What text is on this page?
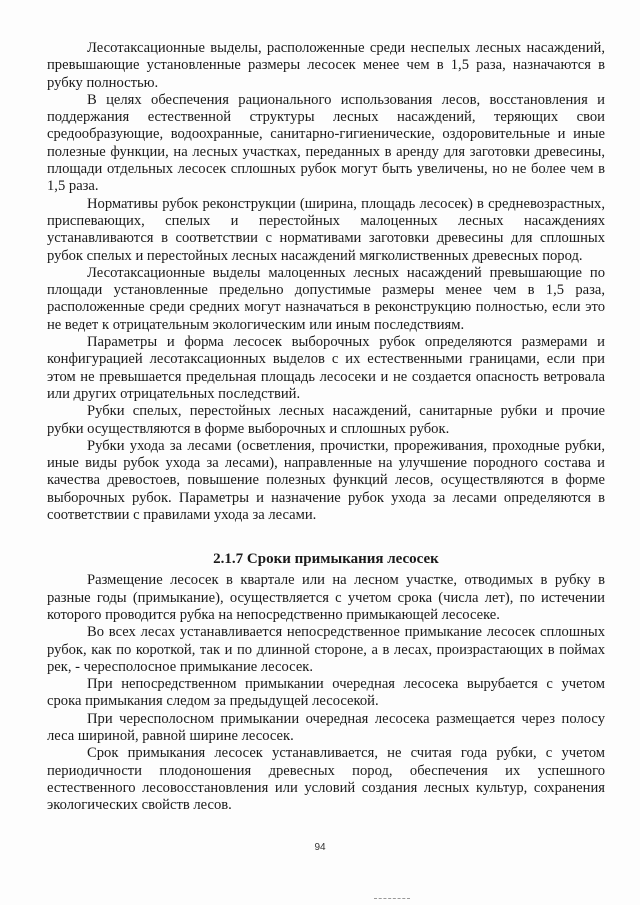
Лесотаксационные выделы, расположенные среди неспелых лесных насаждений, превышающие установленные размеры лесосек менее чем в 1,5 раза, назначаются в рубку полностью.

В целях обеспечения рационального использования лесов, восстановления и поддержания естественной структуры лесных насаждений, теряющих свои средообразующие, водоохранные, санитарно-гигиенические, оздоровительные и иные полезные функции, на лесных участках, переданных в аренду для заготовки древесины, площади отдельных лесосек сплошных рубок могут быть увеличены, но не более чем в 1,5 раза.

Нормативы рубок реконструкции (ширина, площадь лесосек) в средневозрастных, приспевающих, спелых и перестойных малоценных лесных насаждениях устанавливаются в соответствии с нормативами заготовки древесины для сплошных рубок спелых и перестойных лесных насаждений мягколиственных древесных пород.

Лесотаксационные выделы малоценных лесных насаждений превышающие по площади установленные предельно допустимые размеры менее чем в 1,5 раза, расположенные среди средних могут назначаться в реконструкцию полностью, если это не ведет к отрицательным экологическим или иным последствиям.

Параметры и форма лесосек выборочных рубок определяются размерами и конфигурацией лесотаксационных выделов с их естественными границами, если при этом не превышается предельная площадь лесосеки и не создается опасность ветровала или других отрицательных последствий.

Рубки спелых, перестойных лесных насаждений, санитарные рубки и прочие рубки осуществляются в форме выборочных и сплошных рубок.

Рубки ухода за лесами (осветления, прочистки, прореживания, проходные рубки, иные виды рубок ухода за лесами), направленные на улучшение породного состава и качества древостоев, повышение полезных функций лесов, осуществляются в форме выборочных рубок. Параметры и назначение рубок ухода за лесами определяются в соответствии с правилами ухода за лесами.

2.1.7 Сроки примыкания лесосек

Размещение лесосек в квартале или на лесном участке, отводимых в рубку в разные годы (примыкание), осуществляется с учетом срока (числа лет), по истечении которого проводится рубка на непосредственно примыкающей лесосеке.

Во всех лесах устанавливается непосредственное примыкание лесосек сплошных рубок, как по короткой, так и по длинной стороне, а в лесах, произрастающих в поймах рек, - чересполосное примыкание лесосек.

При непосредственном примыкании очередная лесосека вырубается с учетом срока примыкания следом за предыдущей лесосекой.

При чересполосном примыкании очередная лесосека размещается через полосу леса шириной, равной ширине лесосек.

Срок примыкания лесосек устанавливается, не считая года рубки, с учетом периодичности плодоношения древесных пород, обеспечения их успешного естественного лесовосстановления или условий создания лесных культур, сохранения экологических свойств лесов.

94
